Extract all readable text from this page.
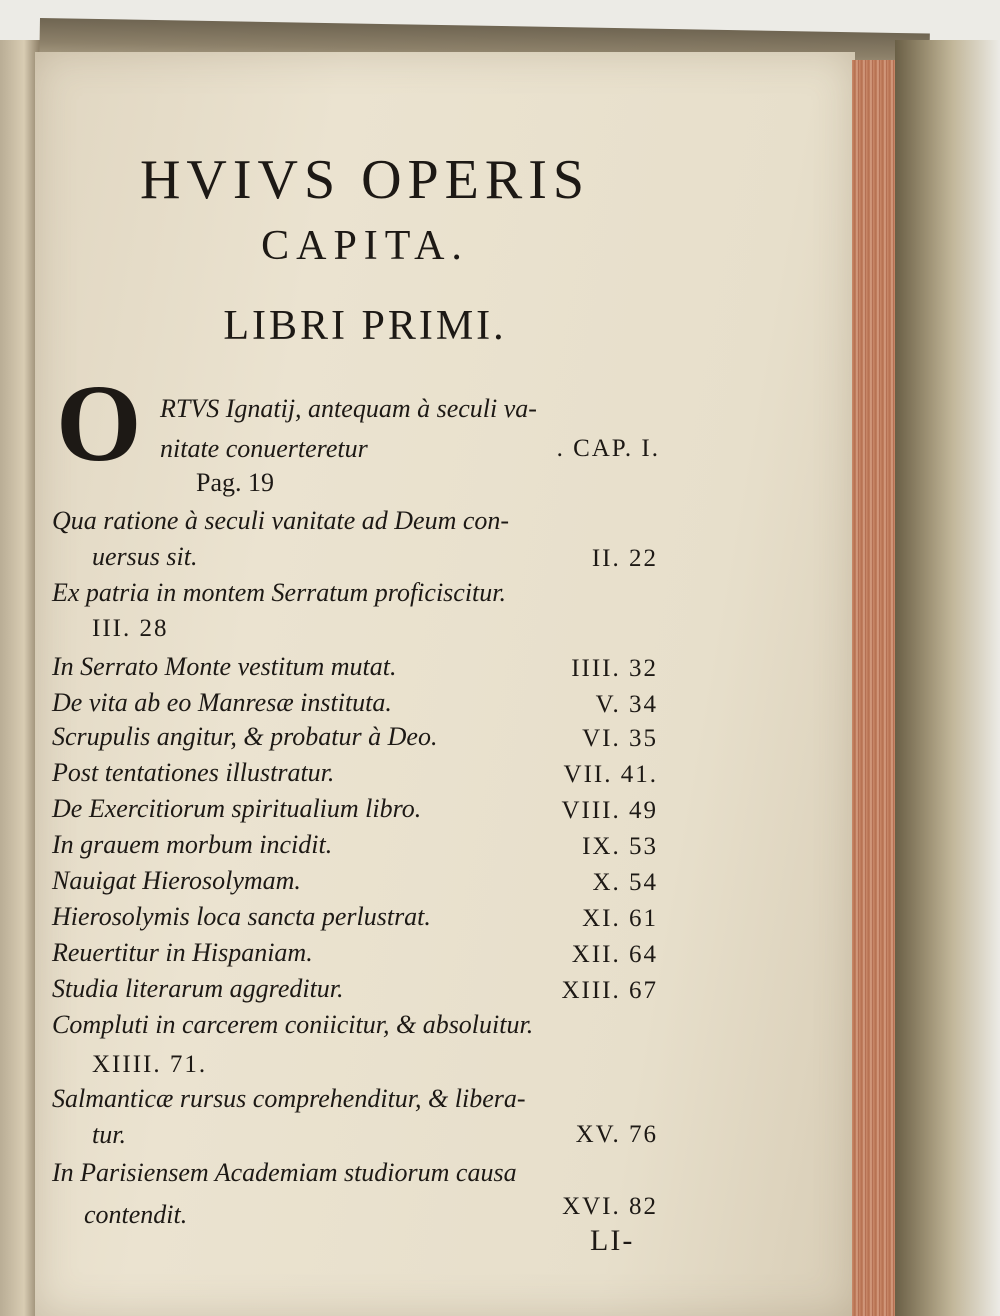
HVIVS OPERIS
CAPITA.
LIBRI PRIMI.
O RTVS Ignatij, antequam à seculi va-
nitate conuerteretur	. CAP. I.
Pag. 19
Qua ratione à seculi vanitate ad Deum con-
uersus sit.	II. 22
Ex patria in montem Serratum proficiscitur.
III. 28
In Serrato Monte vestitum mutat.	IIII. 32
De vita ab eo Manresæ instituta.	V. 34
Scrupulis angitur, & probatur à Deo.	VI. 35
Post tentationes illustratur.	VII. 41.
De Exercitiorum spiritualium libro.	VIII. 49
In grauem morbum incidit.	IX. 53
Nauigat Hierosolymam.	X. 54
Hierosolymis loca sancta perlustrat.	XI. 61
Reuertitur in Hispaniam.	XII. 64
Studia literarum aggreditur.	XIII. 67
Compluti in carcerem coniicitur, & absoluitur.
XIIII. 71.
Salmanticæ rursus comprehenditur, & libera-
tur.	XV. 76
In Parisiensem Academiam studiorum causa
contendit.	XVI. 82
LI-
